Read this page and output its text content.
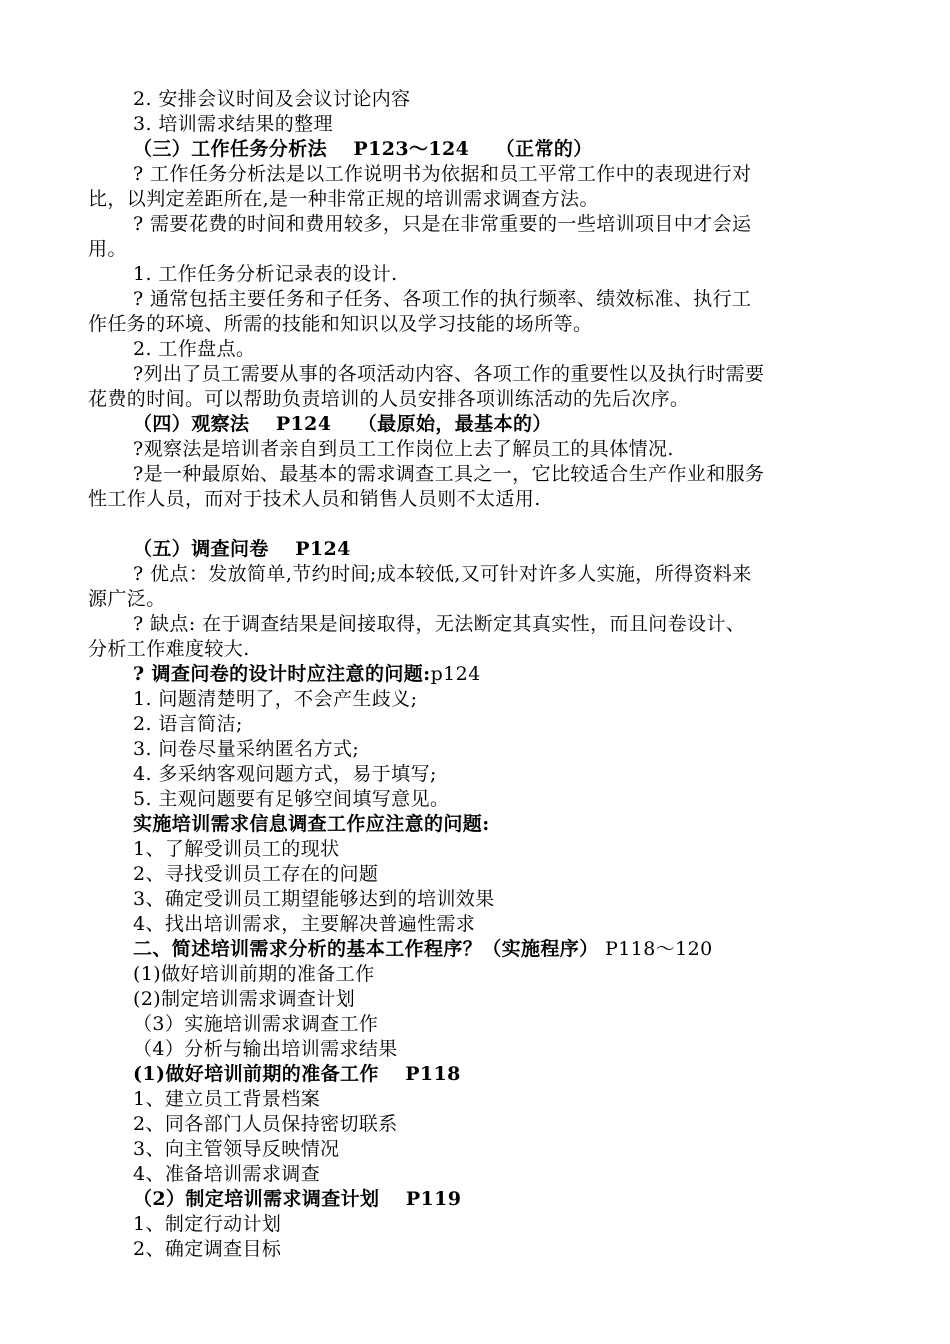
2. 安排会议时间及会议讨论内容
3. 培训需求结果的整理
（三）工作任务分析法　 P123～124　 （正常的）
? 工作任务分析法是以工作说明书为依据和员工平常工作中的表现进行对
比，以判定差距所在,是一种非常正规的培训需求调查方法。
? 需要花费的时间和费用较多，只是在非常重要的一些培训项目中才会运
用。
1. 工作任务分析记录表的设计.
? 通常包括主要任务和子任务、各项工作的执行频率、绩效标准、执行工
作任务的环境、所需的技能和知识以及学习技能的场所等。
2. 工作盘点。
?列出了员工需要从事的各项活动内容、各项工作的重要性以及执行时需要
花费的时间。可以帮助负责培训的人员安排各项训练活动的先后次序。
（四）观察法　 P124　 （最原始，最基本的）
?观察法是培训者亲自到员工工作岗位上去了解员工的具体情况.
?是一种最原始、最基本的需求调查工具之一，它比较适合生产作业和服务
性工作人员，而对于技术人员和销售人员则不太适用.
（五）调查问卷　 P124
? 优点：发放简单,节约时间;成本较低,又可针对许多人实施，所得资料来
源广泛。
? 缺点: 在于调查结果是间接取得，无法断定其真实性，而且问卷设计、
分析工作难度较大.
? 调查问卷的设计时应注意的问题:p124
1. 问题清楚明了，不会产生歧义;
2. 语言简洁;
3. 问卷尽量采纳匿名方式;
4. 多采纳客观问题方式，易于填写;
5. 主观问题要有足够空间填写意见。
实施培训需求信息调查工作应注意的问题:
1、了解受训员工的现状
2、寻找受训员工存在的问题
3、确定受训员工期望能够达到的培训效果
4、找出培训需求，主要解决普遍性需求
二、简述培训需求分析的基本工作程序？（实施程序） P118～120
(1)做好培训前期的准备工作
(2)制定培训需求调查计划
（3）实施培训需求调查工作
（4）分析与输出培训需求结果
(1)做好培训前期的准备工作　 P118
1、建立员工背景档案
2、同各部门人员保持密切联系
3、向主管领导反映情况
4、准备培训需求调查
（2）制定培训需求调查计划　 P119
1、制定行动计划
2、确定调查目标
